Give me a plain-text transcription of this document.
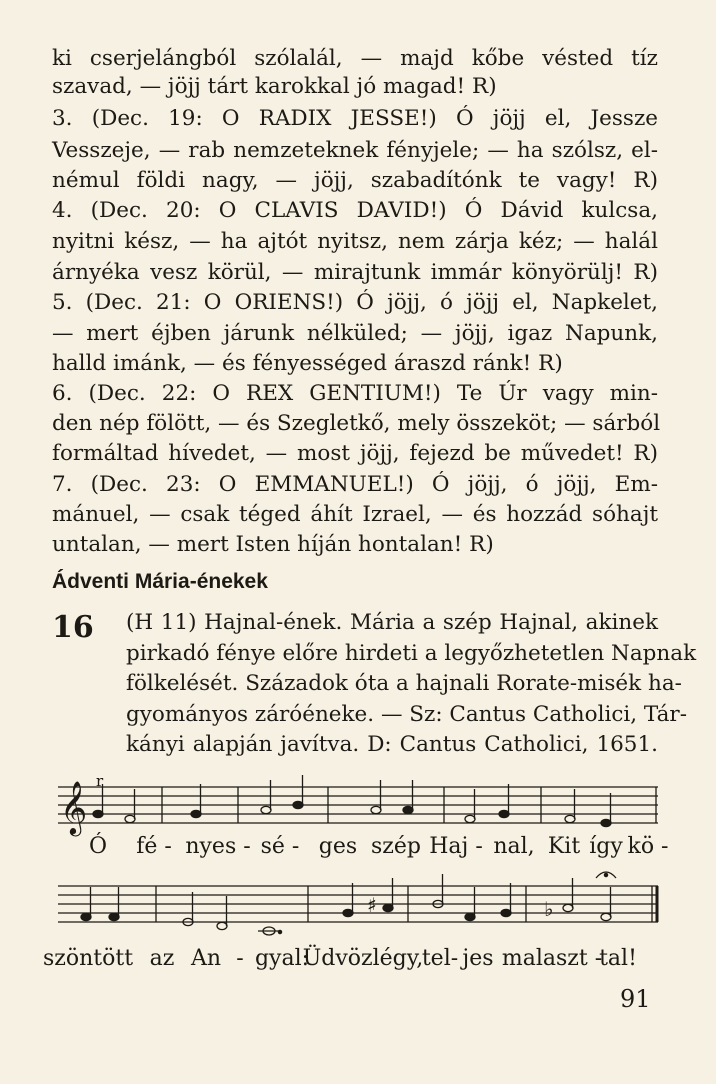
ki cserjelángból szólalál, — majd kőbe vésted tíz
szavad, — jöjj tárt karokkal jó magad! R)
3. (Dec. 19: O RADIX JESSE!) Ó jöjj el, Jessze
Vesszeje, — rab nemzeteknek fényjele; — ha szólsz, el-
némul földi nagy, — jöjj, szabadítónk te vagy! R)
4. (Dec. 20: O CLAVIS DAVID!) Ó Dávid kulcsa,
nyitni kész, — ha ajtót nyitsz, nem zárja kéz; — halál
árnyéka vesz körül, — mirajtunk immár könyörülj! R)
5. (Dec. 21: O ORIENS!) Ó jöjj, ó jöjj el, Napkelet,
— mert éjben járunk nélküled; — jöjj, igaz Napunk,
halld imánk, — és fényességed áraszd ránk! R)
6. (Dec. 22: O REX GENTIUM!) Te Úr vagy min-
den nép fölött, — és Szegletkő, mely összeköt; — sárból
formáltad hívedet, — most jöjj, fejezd be művedet! R)
7. (Dec. 23: O EMMANUEL!) Ó jöjj, ó jöjj, Em-
mánuel, — csak téged áhít Izrael, — és hozzád sóhajt
untalan, — mert Isten híján hontalan! R)
Ádventi Mária-énekek
16 (H 11) Hajnal-ének. Mária a szép Hajnal, akinek
pirkadó fénye előre hirdeti a legyőzhetetlen Napnak
fölkelését. Századok óta a hajnali Rorate-misék ha-
gyományos záróéneke. — Sz: Cantus Catholici, Tár-
kányi alapján javítva. D: Cantus Catholici, 1651.
𝄞 r
Ó fé - nyes - sé - ges szép Haj - nal, Kit így kö -
♯	♭
szöntött az An - gyal:
Üdvözlégy,
tel- jes malaszt -
tal!
91
